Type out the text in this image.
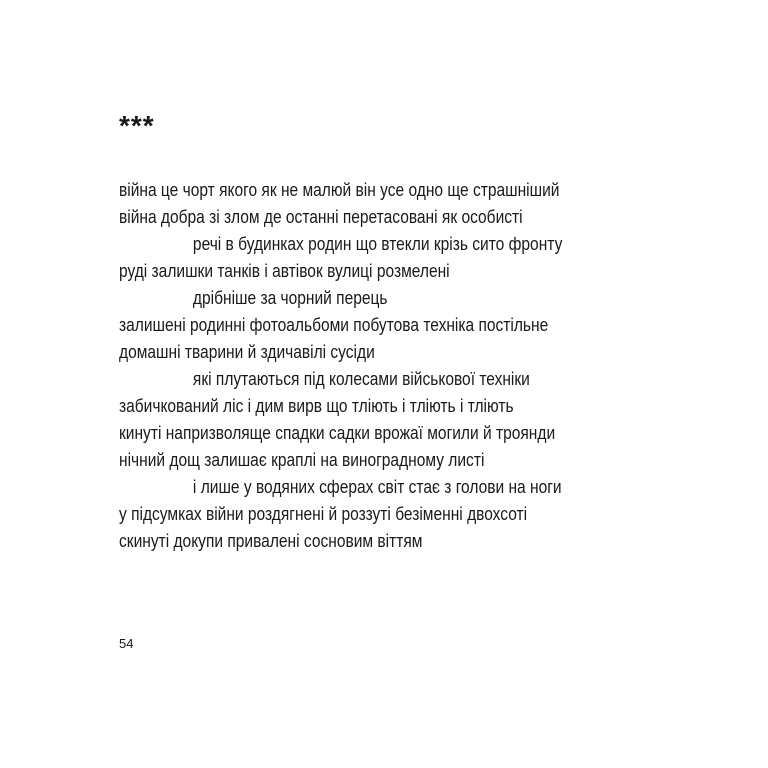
***
війна це чорт якого як не малюй він усе одно ще страшніший
війна добра зі злом де останні перетасовані як особисті
речі в будинках родин що втекли крізь сито фронту
руді залишки танків і автівок вулиці розмелені
дрібніше за чорний перець
залишені родинні фотоальбоми побутова техніка постільне
домашні тварини й здичавілі сусіди
які плутаються під колесами військової техніки
забичкований ліс і дим вирв що тліють і тліють і тліють
кинуті напризволяще спадки садки врожаї могили й троянди
нічний дощ залишає краплі на виноградному листі
і лише у водяних сферах світ стає з голови на ноги
у підсумках війни роздягнені й роззуті безіменні двохсоті
скинуті докупи привалені сосновим віттям
54
